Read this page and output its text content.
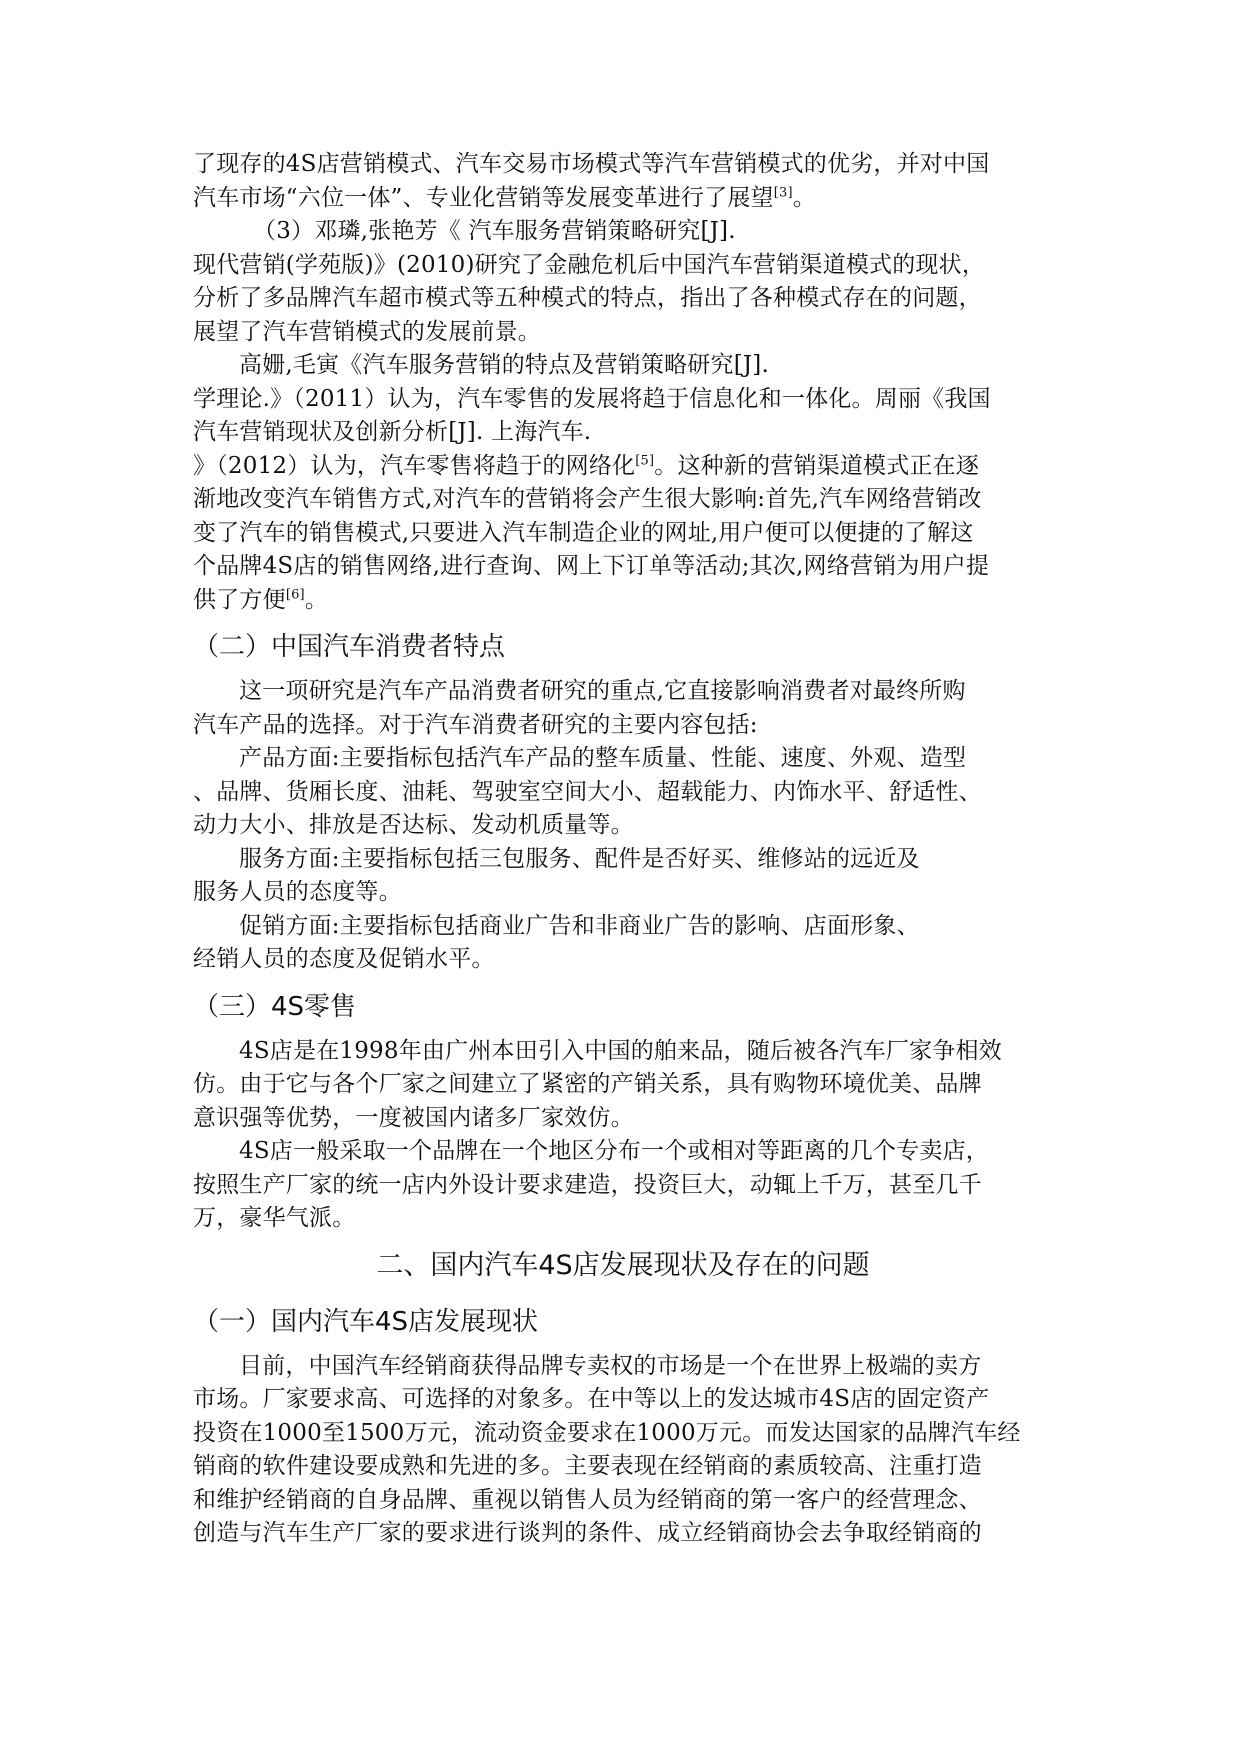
了现存的4S店营销模式、汽车交易市场模式等汽车营销模式的优劣，并对中国
汽车市场“六位一体”、专业化营销等发展变革进行了展望[3]。
（3）邓璘,张艳芳《 汽车服务营销策略研究[J].
现代营销(学苑版)》(2010)研究了金融危机后中国汽车营销渠道模式的现状，
分析了多品牌汽车超市模式等五种模式的特点，指出了各种模式存在的问题，
展望了汽车营销模式的发展前景。
高姗,毛寅《汽车服务营销的特点及营销策略研究[J].
学理论.》（2011）认为，汽车零售的发展将趋于信息化和一体化。周丽《我国
汽车营销现状及创新分析[J]. 上海汽车.
》（2012）认为，汽车零售将趋于的网络化[5]。这种新的营销渠道模式正在逐
渐地改变汽车销售方式,对汽车的营销将会产生很大影响:首先,汽车网络营销改
变了汽车的销售模式,只要进入汽车制造企业的网址,用户便可以便捷的了解这
个品牌4S店的销售网络,进行查询、网上下订单等活动;其次,网络营销为用户提
供了方便[6]。
（二）中国汽车消费者特点
这一项研究是汽车产品消费者研究的重点,它直接影响消费者对最终所购
汽车产品的选择。对于汽车消费者研究的主要内容包括:
产品方面:主要指标包括汽车产品的整车质量、性能、速度、外观、造型
、品牌、货厢长度、油耗、驾驶室空间大小、超载能力、内饰水平、舒适性、
动力大小、排放是否达标、发动机质量等。
服务方面:主要指标包括三包服务、配件是否好买、维修站的远近及
服务人员的态度等。
促销方面:主要指标包括商业广告和非商业广告的影响、店面形象、
经销人员的态度及促销水平。
（三）4S零售
4S店是在1998年由广州本田引入中国的舶来品，随后被各汽车厂家争相效
仿。由于它与各个厂家之间建立了紧密的产销关系，具有购物环境优美、品牌
意识强等优势，一度被国内诸多厂家效仿。
4S店一般采取一个品牌在一个地区分布一个或相对等距离的几个专卖店，
按照生产厂家的统一店内外设计要求建造，投资巨大，动辄上千万，甚至几千
万，豪华气派。
二、国内汽车4S店发展现状及存在的问题
（一）国内汽车4S店发展现状
目前，中国汽车经销商获得品牌专卖权的市场是一个在世界上极端的卖方
市场。厂家要求高、可选择的对象多。在中等以上的发达城市4S店的固定资产
投资在1000至1500万元，流动资金要求在1000万元。而发达国家的品牌汽车经
销商的软件建设要成熟和先进的多。主要表现在经销商的素质较高、注重打造
和维护经销商的自身品牌、重视以销售人员为经销商的第一客户的经营理念、
创造与汽车生产厂家的要求进行谈判的条件、成立经销商协会去争取经销商的
